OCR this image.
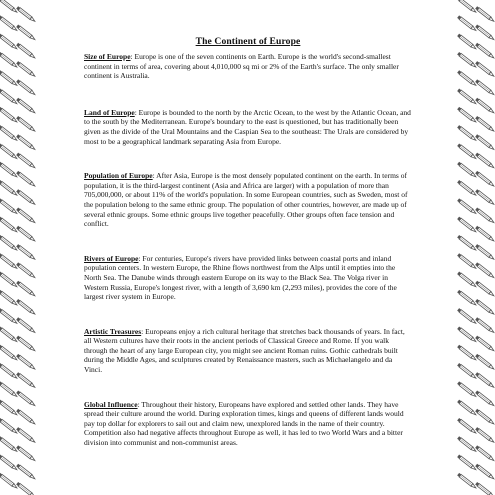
The Continent of Europe
Size of Europe: Europe is one of the seven continents on Earth. Europe is the world's second-smallest continent in terms of area, covering about 4,010,000 sq mi or 2% of the Earth's surface. The only smaller continent is Australia.
Land of Europe: Europe is bounded to the north by the Arctic Ocean, to the west by the Atlantic Ocean, and to the south by the Mediterranean. Europe's boundary to the east is questioned, but has traditionally been given as the divide of the Ural Mountains and the Caspian Sea to the southeast: The Urals are considered by most to be a geographical landmark separating Asia from Europe.
Population of Europe: After Asia, Europe is the most densely populated continent on the earth. In terms of population, it is the third-largest continent (Asia and Africa are larger) with a population of more than 705,000,000, or about 11% of the world's population. In some European countries, such as Sweden, most of the population belong to the same ethnic group. The population of other countries, however, are made up of several ethnic groups. Some ethnic groups live together peacefully. Other groups often face tension and conflict.
Rivers of Europe: For centuries, Europe's rivers have provided links between coastal ports and inland population centers. In western Europe, the Rhine flows northwest from the Alps until it empties into the North Sea. The Danube winds through eastern Europe on its way to the Black Sea. The Volga river in Western Russia, Europe's longest river, with a length of 3,690 km (2,293 miles), provides the core of the largest river system in Europe.
Artistic Treasures: Europeans enjoy a rich cultural heritage that stretches back thousands of years. In fact, all Western cultures have their roots in the ancient periods of Classical Greece and Rome. If you walk through the heart of any large European city, you might see ancient Roman ruins. Gothic cathedrals built during the Middle Ages, and sculptures created by Renaissance masters, such as Michaelangelo and da Vinci.
Global Influence: Throughout their history, Europeans have explored and settled other lands. They have spread their culture around the world. During exploration times, kings and queens of different lands would pay top dollar for explorers to sail out and claim new, unexplored lands in the name of their country. Competition also had negative affects throughout Europe as well, it has led to two World Wars and a bitter division into communist and non-communist areas.
